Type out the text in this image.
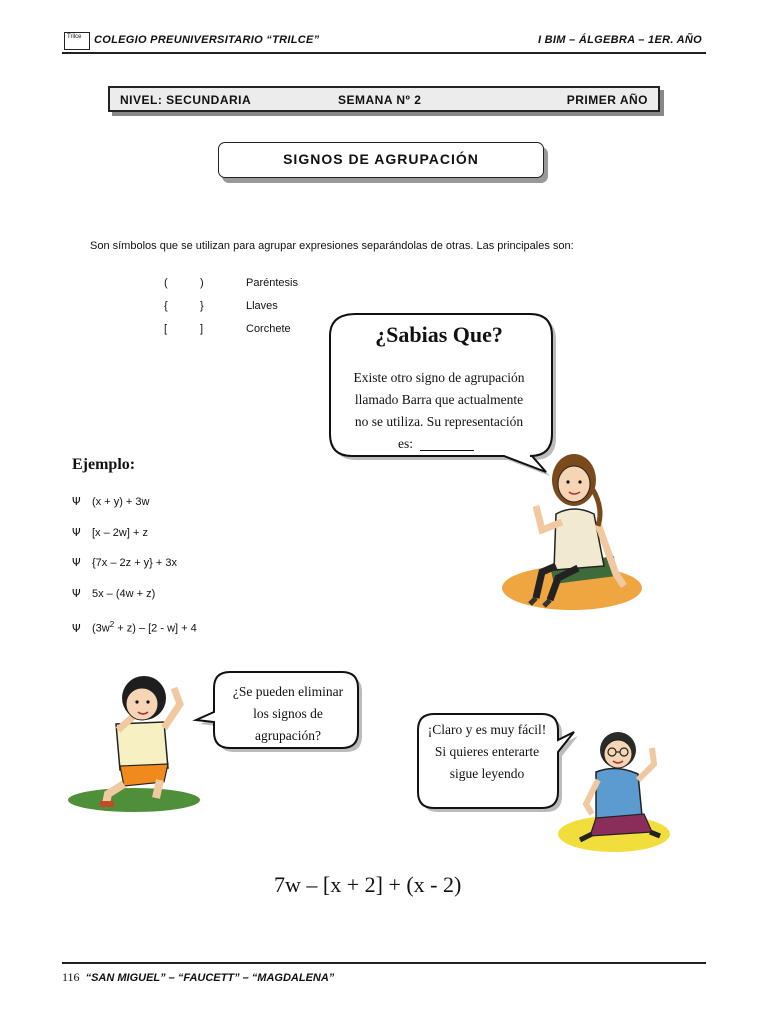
Trilce	COLEGIO PREUNIVERSITARIO “TRILCE”	I BIM – ÁLGEBRA – 1ER. AÑO
NIVEL: SECUNDARIA	SEMANA Nº 2	PRIMER AÑO
SIGNOS DE AGRUPACIÓN
Son símbolos que se utilizan para agrupar expresiones separándolas de otras. Las principales son:
(	)	Paréntesis
{	}	Llaves
[	]	Corchete	¿Sabias Que?
Existe otro signo de agrupación
llamado Barra que actualmente
no se utiliza. Su representación
es:
Ejemplo:
Ψ (x + y) + 3w
Ψ [x – 2w] + z
Ψ {7x – 2z + y} + 3x
Ψ 5x – (4w + z)
Ψ $(3w^2 + z) - [2 - w] + 4$
¿Se pueden eliminar
los signos de
agrupación?	¡Claro y es muy fácil!
Si quieres enterarte
sigue leyendo
7w – [x + 2] + (x - 2)
116 “SAN MIGUEL” – “FAUCETT” – “MAGDALENA”
